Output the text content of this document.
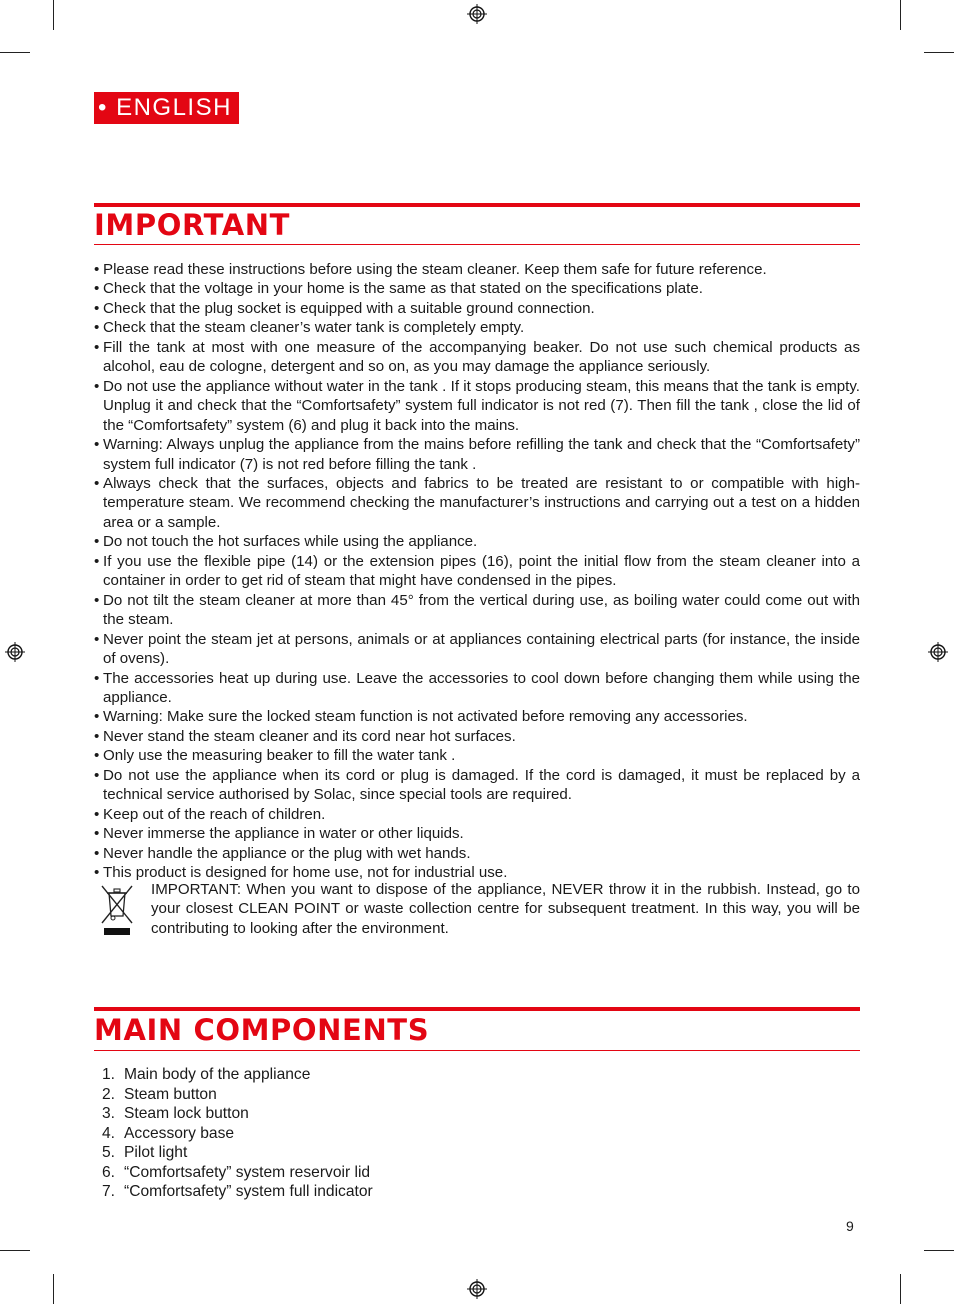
• ENGLISH
IMPORTANT
• Please read these instructions before using the steam cleaner. Keep them safe for future reference.
• Check that the voltage in your home is the same as that stated on the specifications plate.
• Check that the plug socket is equipped with a suitable ground connection.
• Check that the steam cleaner’s water tank is completely empty.
• Fill the tank at most with one measure of the accompanying beaker. Do not use such chemical products as alcohol, eau de cologne, detergent and so on, as you may damage the appliance seriously.
• Do not use the appliance without water in the tank . If it stops producing steam, this means that the tank is empty. Unplug it and check that the “Comfortsafety” system full indicator is not red (7). Then fill the tank , close the lid of the “Comfortsafety” system (6) and plug it back into the mains.
• Warning: Always unplug the appliance from the mains before refilling the tank and check that the “Comfortsafety” system full indicator (7) is not red before filling the tank .
• Always check that the surfaces, objects and fabrics to be treated are resistant to or compatible with high-temperature steam. We recommend checking the manufacturer’s instructions and carrying out a test on a hidden area or a sample.
• Do not touch the hot surfaces while using the appliance.
• If you use the flexible pipe (14) or the extension pipes (16), point the initial flow from the steam cleaner into a container in order to get rid of steam that might have condensed in the pipes.
• Do not tilt the steam cleaner at more than 45° from the vertical during use, as boiling water could come out with the steam.
• Never point the steam jet at persons, animals or at appliances containing electrical parts (for instance, the inside of ovens).
• The accessories heat up during use. Leave the accessories to cool down before changing them while using the appliance.
• Warning: Make sure the locked steam function is not activated before removing any accessories.
• Never stand the steam cleaner and its cord near hot surfaces.
• Only use the measuring beaker to fill the water tank .
• Do not use the appliance when its cord or plug is damaged. If the cord is damaged, it must be replaced by a technical service authorised by Solac, since special tools are required.
• Keep out of the reach of children.
• Never immerse the appliance in water or other liquids.
• Never handle the appliance or the plug with wet hands.
• This product is designed for home use, not for industrial use.
IMPORTANT: When you want to dispose of the appliance, NEVER throw it in the rubbish. Instead, go to your closest CLEAN POINT or waste collection centre for subsequent treatment. In this way, you will be contributing to looking after the environment.
MAIN COMPONENTS
1. Main body of the appliance
2. Steam button
3. Steam lock button
4. Accessory base
5. Pilot light
6. “Comfortsafety” system reservoir lid
7. “Comfortsafety” system full indicator
9
